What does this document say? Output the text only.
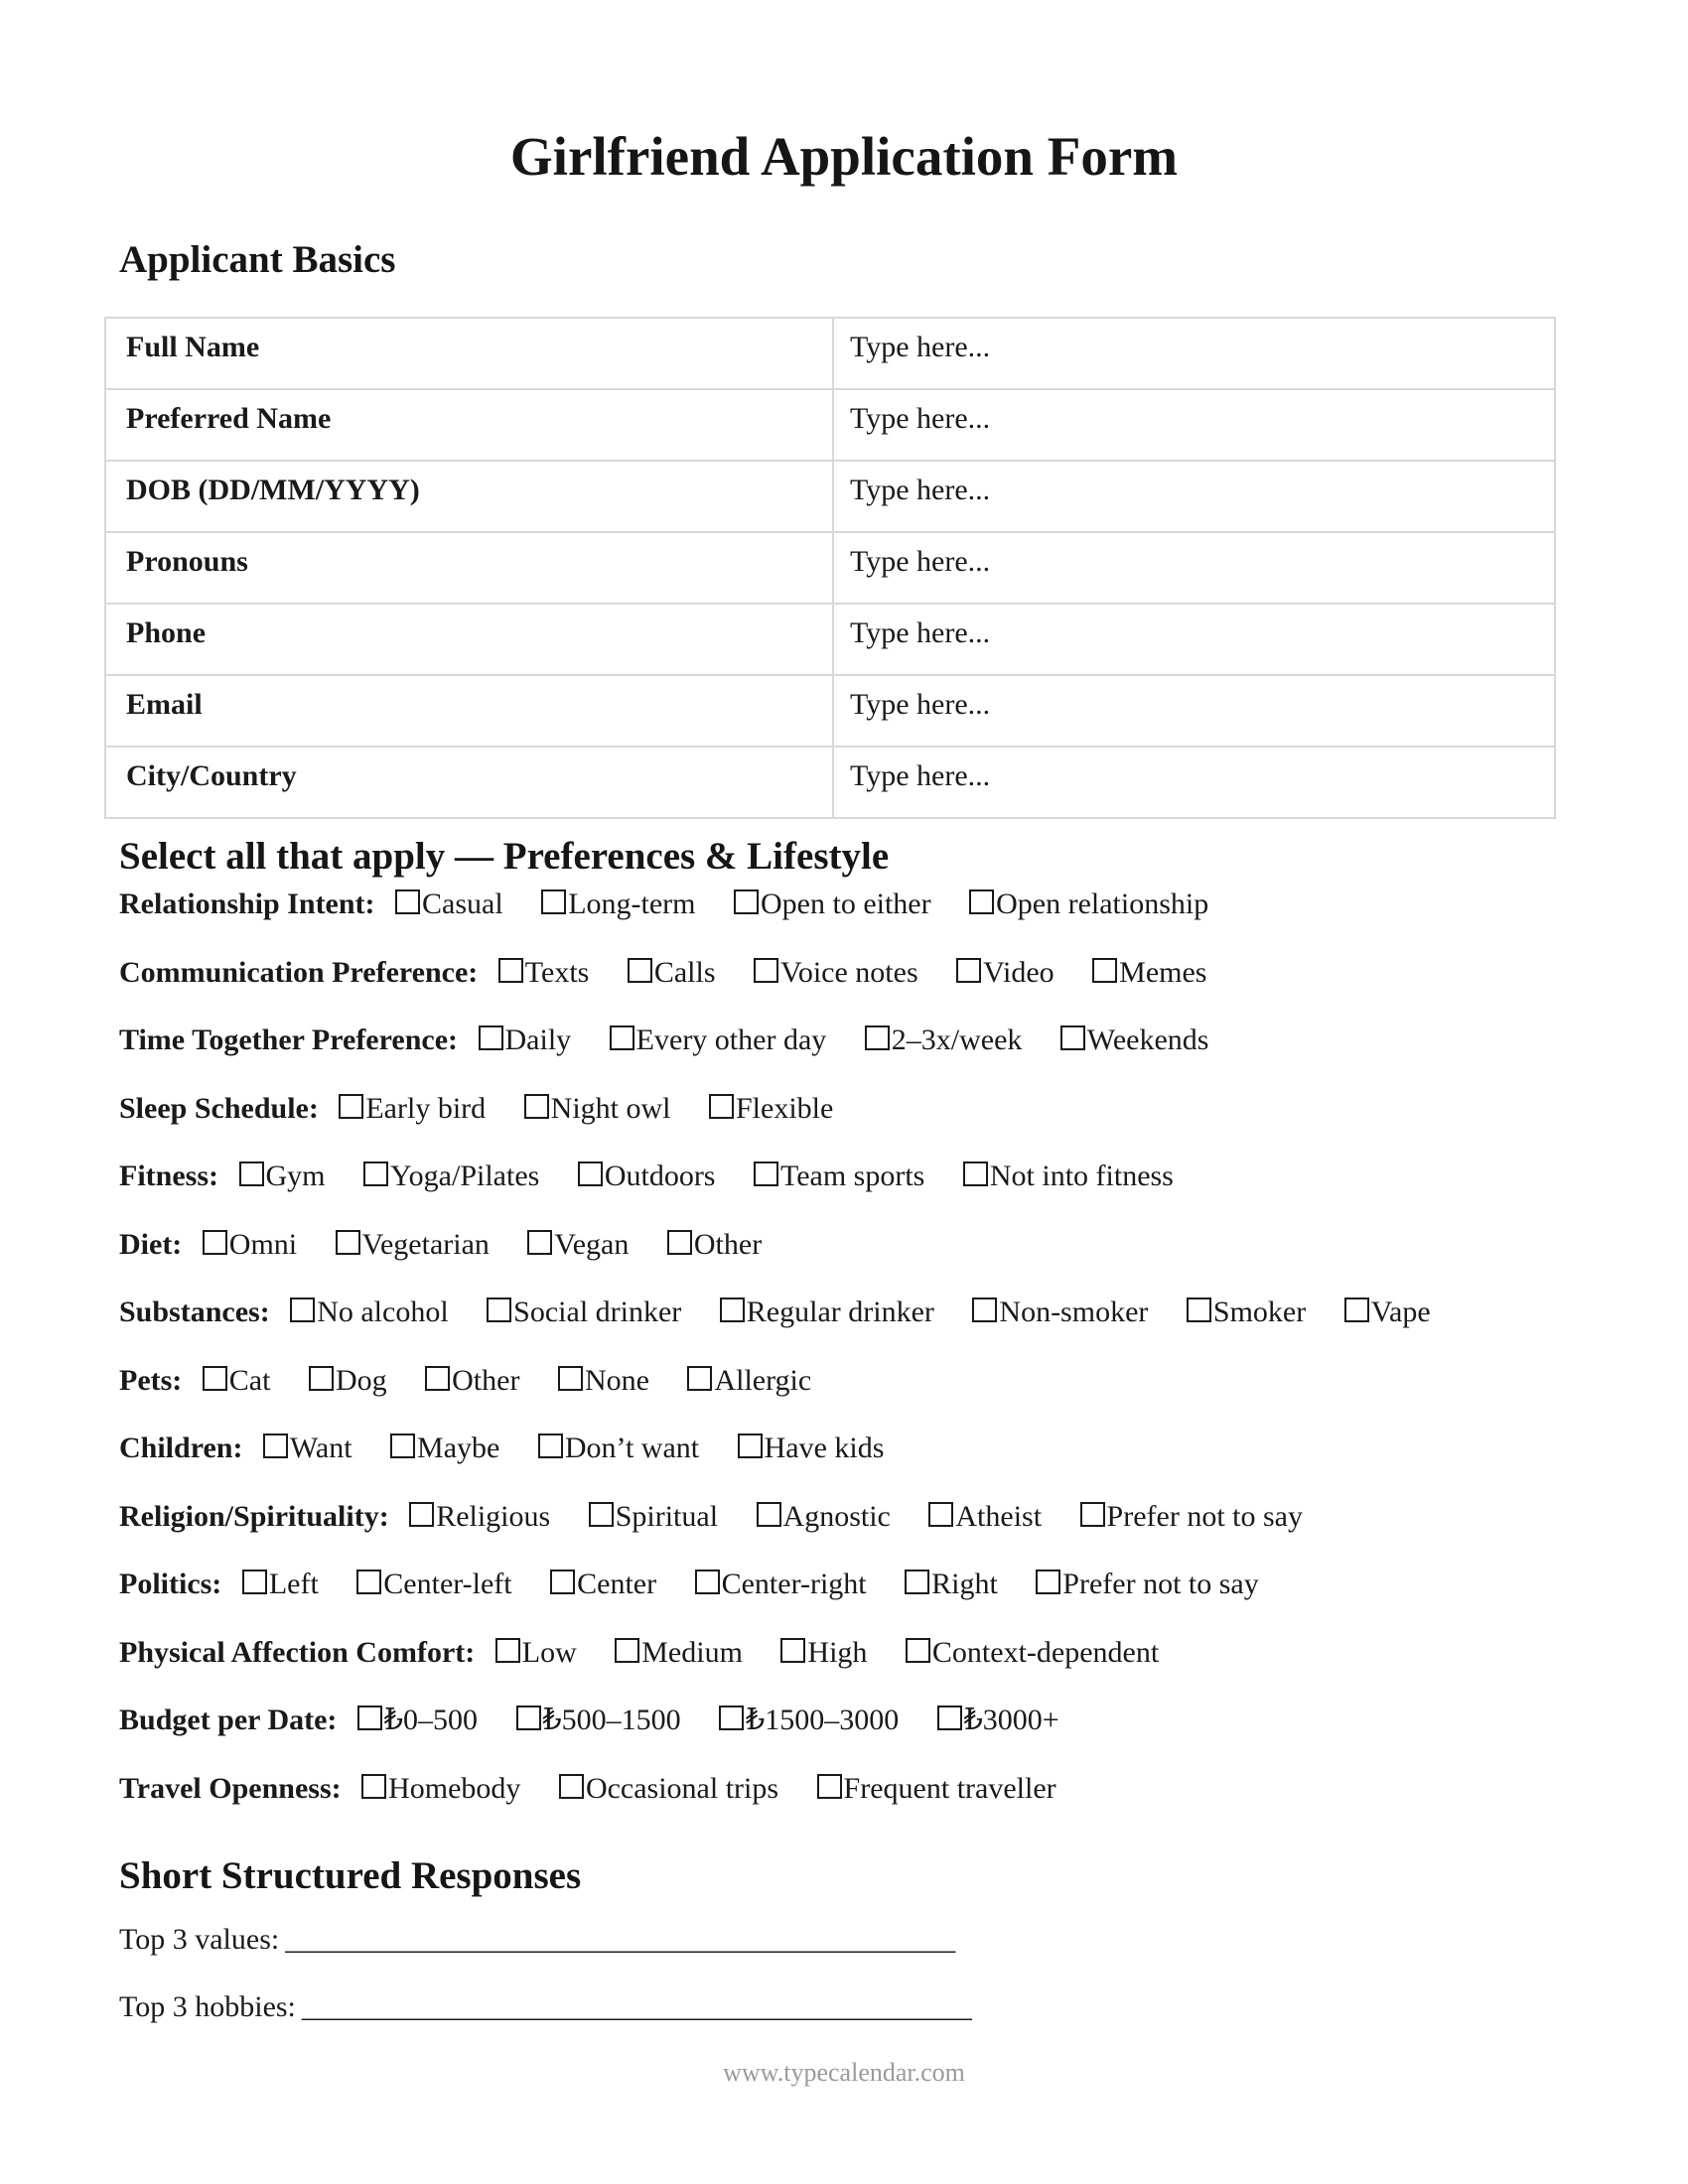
Girlfriend Application Form
Applicant Basics
Full Name	Type here...
Preferred Name	Type here...
DOB (DD/MM/YYYY)	Type here...
Pronouns	Type here...
Phone	Type here...
Email	Type here...
City/Country	Type here...
Select all that apply — Preferences & Lifestyle

Relationship Intent: Casual Long-term Open to either Open relationship

Communication Preference: Texts Calls Voice notes Video Memes

Time Together Preference: Daily Every other day 2–3x/week Weekends

Sleep Schedule: Early bird Night owl Flexible

Fitness: Gym Yoga/Pilates Outdoors Team sports Not into fitness

Diet: Omni Vegetarian Vegan Other

Substances: No alcohol Social drinker Regular drinker Non-smoker Smoker Vape

Pets: Cat Dog Other None Allergic

Children: Want Maybe Don’t want Have kids

Religion/Spirituality: Religious Spiritual Agnostic Atheist Prefer not to say

Politics: Left Center-left Center Center-right Right Prefer not to say

Physical Affection Comfort: Low Medium High Context-dependent

Budget per Date: ₺0–500 ₺500–1500 ₺1500–3000 ₺3000+

Travel Openness: Homebody Occasional trips Frequent traveller

Short Structured Responses

Top 3 values: _____________________________________________

Top 3 hobbies: _____________________________________________

www.typecalendar.com
